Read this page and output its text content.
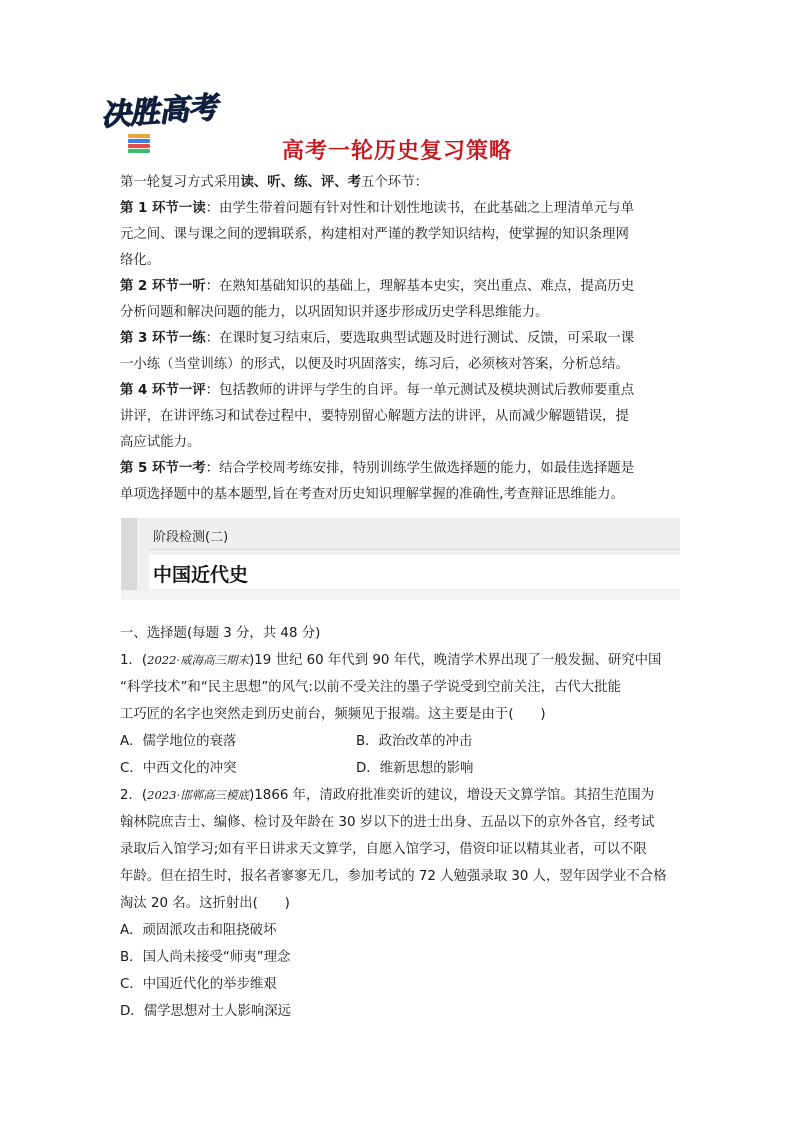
决胜高考
高考一轮历史复习策略

第一轮复习方式采用读、听、练、评、考五个环节：

第 1 环节一读：由学生带着问题有针对性和计划性地读书，在此基础之上理清单元与单
元之间、课与课之间的逻辑联系，构建相对严谨的教学知识结构，使掌握的知识条理网
络化。

第 2 环节一听：在熟知基础知识的基础上，理解基本史实，突出重点、难点，提高历史
分析问题和解决问题的能力，以巩固知识并逐步形成历史学科思维能力。

第 3 环节一练：在课时复习结束后，要选取典型试题及时进行测试、反馈，可采取一课
一小练（当堂训练）的形式，以便及时巩固落实，练习后，必须核对答案，分析总结。

第 4 环节一评：包括教师的讲评与学生的自评。每一单元测试及模块测试后教师要重点
讲评，在讲评练习和试卷过程中，要特别留心解题方法的讲评，从而减少解题错误，提
高应试能力。

第 5 环节一考：结合学校周考练安排，特别训练学生做选择题的能力，如最佳选择题是
单项选择题中的基本题型,旨在考查对历史知识理解掌握的准确性,考查辩证思维能力。

阶段检测(二)
中国近代史

一、选择题(每题 3 分，共 48 分)

1．(2022·威海高三期末)19 世纪 60 年代到 90 年代，晚清学术界出现了一般发掘、研究中国

“科学技术”和“民主思想”的风气:以前不受关注的墨子学说受到空前关注，古代大批能

工巧匠的名字也突然走到历史前台，频频见于报端。这主要是由于(　　)

A．儒学地位的衰落	B．政治改革的冲击
C．中西文化的冲突	D．维新思想的影响

2．(2023·邯郸高三模底)1866 年，清政府批准奕䜣的建议，增设天文算学馆。其招生范围为

翰林院庶吉士、编修、检讨及年龄在 30 岁以下的进士出身、五品以下的京外各官，经考试

录取后入馆学习;如有平日讲求天文算学，自愿入馆学习，借资印证以精其业者，可以不限

年龄。但在招生时，报名者寥寥无几，参加考试的 72 人勉强录取 30 人，翌年因学业不合格

淘汰 20 名。这折射出(　　)

A．顽固派攻击和阻挠破坏

B．国人尚未接受“师夷”理念

C．中国近代化的举步维艰

D．儒学思想对士人影响深远
